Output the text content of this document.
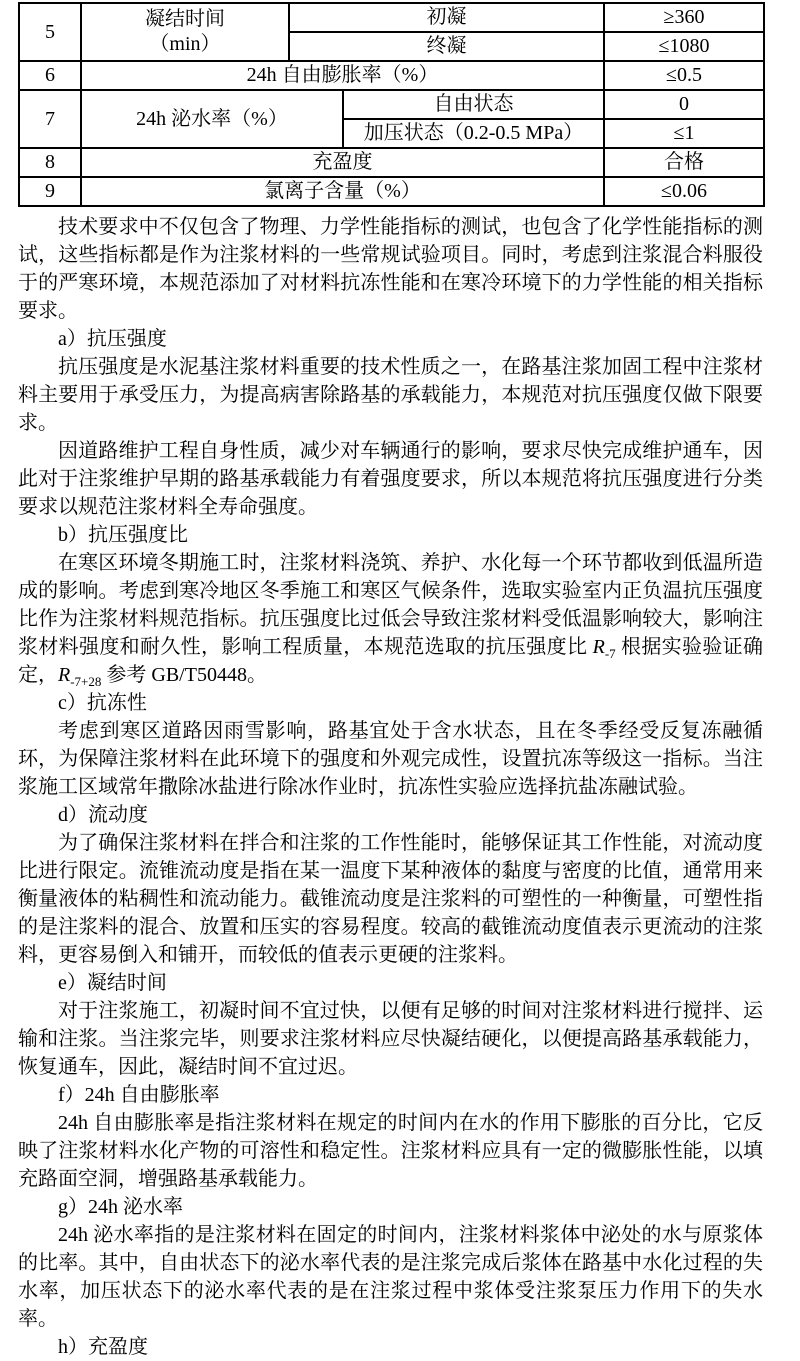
5	凝结时间
（min）	初凝		≥360
		终凝		≤1080
6	24h 自由膨胀率（%）			≤0.5
7	24h 泌水率（%）		自由状态	0
			加压状态（0.2-0.5 MPa）	≤1
8	充盈度			合格
9	氯离子含量（%）			≤0.06

技术要求中不仅包含了物理、力学性能指标的测试，也包含了化学性能指标的测试，这些指标都是作为注浆材料的一些常规试验项目。同时，考虑到注浆混合料服役于的严寒环境，本规范添加了对材料抗冻性能和在寒冷环境下的力学性能的相关指标要求。

a）抗压强度

抗压强度是水泥基注浆材料重要的技术性质之一，在路基注浆加固工程中注浆材料主要用于承受压力，为提高病害除路基的承载能力，本规范对抗压强度仅做下限要求。

因道路维护工程自身性质，减少对车辆通行的影响，要求尽快完成维护通车，因此对于注浆维护早期的路基承载能力有着强度要求，所以本规范将抗压强度进行分类要求以规范注浆材料全寿命强度。

b）抗压强度比

在寒区环境冬期施工时，注浆材料浇筑、养护、水化每一个环节都收到低温所造成的影响。考虑到寒冷地区冬季施工和寒区气候条件，选取实验室内正负温抗压强度比作为注浆材料规范指标。抗压强度比过低会导致注浆材料受低温影响较大，影响注浆材料强度和耐久性，影响工程质量，本规范选取的抗压强度比 $R_{-7}$ 根据实验验证确定，$R_{-7+28}$ 参考 GB/T50448。

c）抗冻性

考虑到寒区道路因雨雪影响，路基宜处于含水状态，且在冬季经受反复冻融循环，为保障注浆材料在此环境下的强度和外观完成性，设置抗冻等级这一指标。当注浆施工区域常年撒除冰盐进行除冰作业时，抗冻性实验应选择抗盐冻融试验。

d）流动度

为了确保注浆材料在拌合和注浆的工作性能时，能够保证其工作性能，对流动度比进行限定。流锥流动度是指在某一温度下某种液体的黏度与密度的比值，通常用来衡量液体的粘稠性和流动能力。截锥流动度是注浆料的可塑性的一种衡量，可塑性指的是注浆料的混合、放置和压实的容易程度。较高的截锥流动度值表示更流动的注浆料，更容易倒入和铺开，而较低的值表示更硬的注浆料。

e）凝结时间

对于注浆施工，初凝时间不宜过快，以便有足够的时间对注浆材料进行搅拌、运输和注浆。当注浆完毕，则要求注浆材料应尽快凝结硬化，以便提高路基承载能力，恢复通车，因此，凝结时间不宜过迟。

f）24h 自由膨胀率

24h 自由膨胀率是指注浆材料在规定的时间内在水的作用下膨胀的百分比，它反映了注浆材料水化产物的可溶性和稳定性。注浆材料应具有一定的微膨胀性能，以填充路面空洞，增强路基承载能力。

g）24h 泌水率

24h 泌水率指的是注浆材料在固定的时间内，注浆材料浆体中泌处的水与原浆体的比率。其中，自由状态下的泌水率代表的是注浆完成后浆体在路基中水化过程的失水率，加压状态下的泌水率代表的是在注浆过程中浆体受注浆泵压力作用下的失水率。

h）充盈度
